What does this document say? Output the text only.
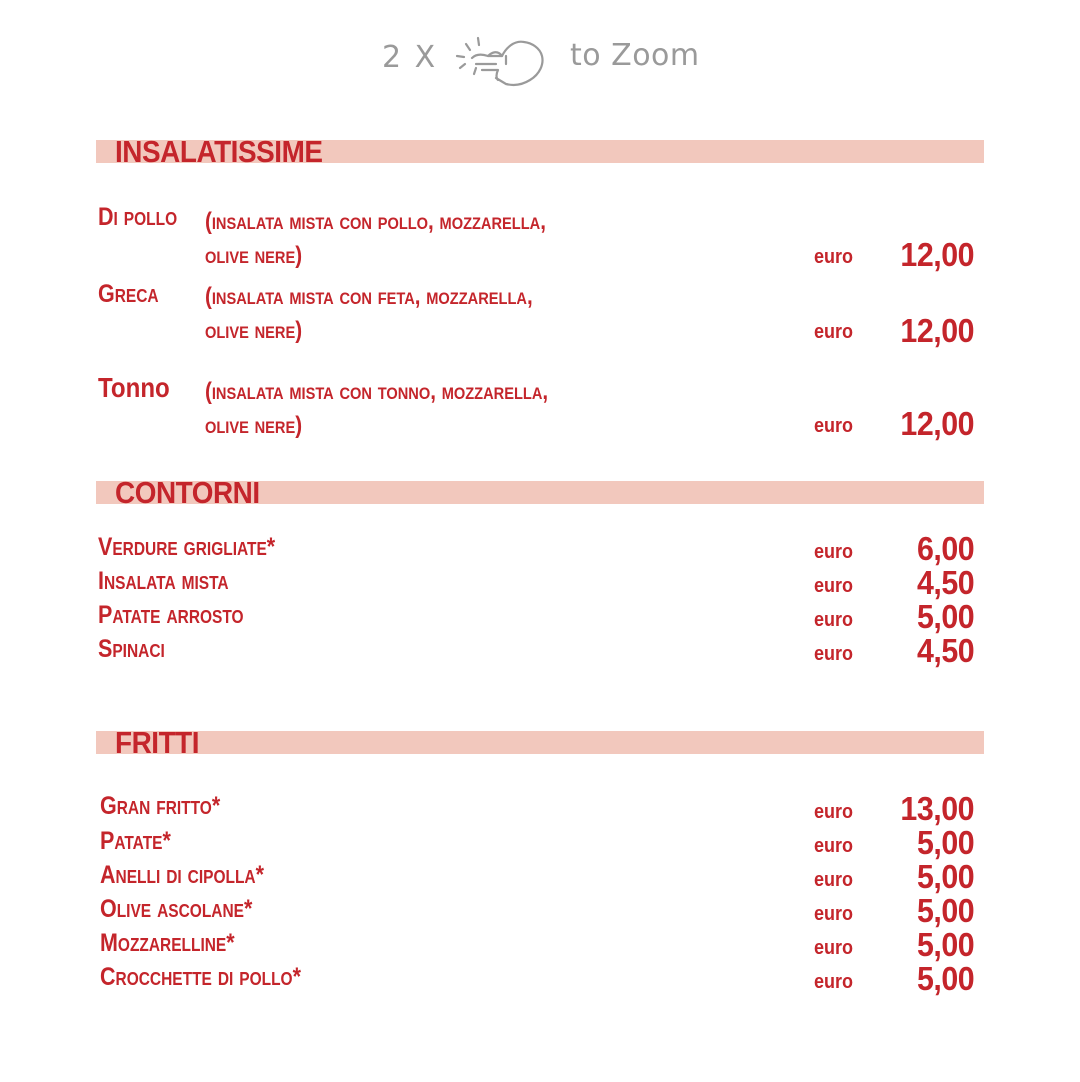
2 X	to Zoom
INSALATISSIME
Di pollo (insalata mista con pollo, mozzarella,
olive nere)	euro 12,00
Greca (insalata mista con feta, mozzarella,
olive nere)	euro 12,00
Tonno (insalata mista con tonno, mozzarella,
olive nere)	euro 12,00
CONTORNI
Verdure grigliate*	euro 6,00
Insalata mista	euro 4,50
Patate arrosto	euro 5,00
Spinaci	euro 4,50
FRITTI
Gran fritto*	euro 13,00
Patate*	euro 5,00
Anelli di cipolla*	euro 5,00
Olive ascolane*	euro 5,00
Mozzarelline*	euro 5,00
Crocchette di pollo*	euro 5,00
